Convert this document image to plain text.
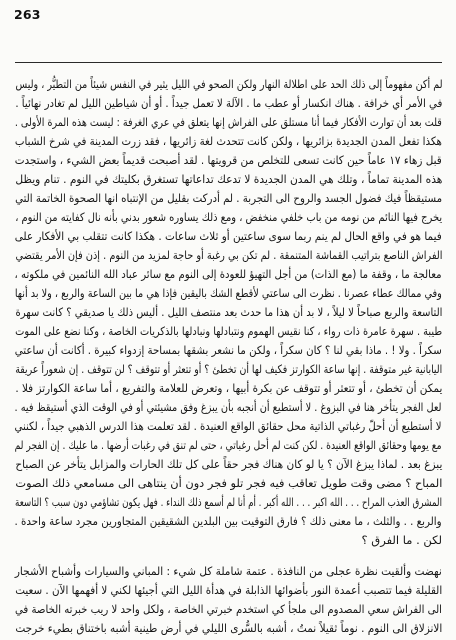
263
لم أكن مفهوماً إلى ذلك الحد على اطلالة النهار ولكن الصحو في الليل يثير في النفس شيئاً من التطيُّر ، وليس
في الأمر أي خرافة . هناك انكسار أو عطب ما . الآلة لا تعمل جيداً . أو أن شياطين الليل لم تغادر نهائياً .
قلت بعد أن توارت الأفكار فيما أنا مستلق على الفراش إنها يتعلق في عري الغرفة : ليست هذه المرة الأولى .
هكذا تفعل المدن الجديدة بزائريها ، ولكن كانت تتحدث لغة زائريها ، فقد زرت المدينة في شرخ الشباب
قبل زهاء ١٧ عاماً حين كانت تسعى للتخلص من قرويتها . لقد أصبحت قديماً بعض الشيء ، واستجدت
هذه المدينة تماماً ، وتلك هي المدن الجديدة لا تدعك تداعاتها تستغرق بكليتك في النوم . تنام ويظل
مستيقظاً فيك فضول الجسد والروح الى التجربة . لم أدركت بقليل من الإنتباه انها الصحوة الخاتمة التي
يخرج فيها النائم من نومه من باب خلفي منخفض ، ومع ذلك يساوره شعور بدني بأنه نال كفايته من النوم ،
فيما هو في واقع الحال لم ينم ربما سوى ساعتين أو ثلاث ساعات . هكذا كانت تتقلب بي الأفكار على
الفراش الناصع بتراتيب القماشة المتنمقة . لم تكن بي رغبة أو حاجة لمزيد من النوم . إذن فإن الأمر يقتضي
معالجة ما ، وقفة ما (مع الذات) من أجل التهيؤ للعودة إلى النوم مع سائر عباد الله النائمين في ملكوته ،
وفي ممالك عطاء عصرنا . نظرت الى ساعتي لأقطع الشك باليقين فإذا هي ما بين الساعة والربع ، ولا بد أنها
التاسعة والربع صباحاً لا ليلاً ، لا بد أن هذا ما حدث بعد منتصف الليل . أليس ذلك يا صديقي ؟ كانت سهرة
طيبة . سهرة عامرة ذات رواء ، كنا نقيس الهموم ونتبادلها ونبادلها بالذكريات الخاصة ، وكنا نضع على الموت
سكراً . ولا ! . ماذا بقي لنا ؟ كان سكراً ، ولكن ما نشعر بشقها بمساحة إزدواء كبيرة . أكانت أن ساعتي
اليابانية غير متوقفة . إنها ساعة الكوارتز فكيف لها أن تخطئ ؟ أو تتعثر أو تتوقف ؟ لن تتوقف . إن شعوراً عريقة
يمكن أن تخطئ ، أو تتعثر أو تتوقف عن بكرة أبيها ، وتعرض للعلامة والتفريع ، أما ساعة الكوارتز فلا .
لعل الفجر يتأخر هنا في البزوغ . لا أستطيع أن أنجبه بأن يبزغ وفق مشيئتي أو في الوقت الذي أستيقظ فيه .
لا أستطيع أن أحلّ رغباتي الذاتية محل حقائق الواقع العنيدة . لقد تعلمت هذا الدرس الذهبي جيداً ، لكنني
مع يومها وحقائق الواقع العنيدة . لكن كنت لم أحل رغباتي ، حتى لم تنق في رغبات أرضها . ما عليك . إن الفجر لم
يبزغ بعد . لماذا يبزغ الآن ؟ يا لو كان هناك فجر حقاً على كل تلك الحارات والمزابل يتأخر عن الصباح
المباح ؟ مضى وقت طويل تعاقب فيه فجر تلو فجر دون أن ينتاهى الى مسامعي ذلك الصوت
المشرق العذب المراح . . . الله اكبر . . . الله أكبر . أم أنا لم أسمع ذلك النداء . فهل يكون تشاؤمي دون سبب ؟ التاسعة
والربع . . والثلث ، ما معنى ذلك ؟ فارق التوقيت بين البلدين الشقيقين المتجاورين مجرد ساعة واحدة .
لكن . ما الفرق ؟
نهضت وألقيت نظرة عجلى من النافذة . عتمة شاملة كل شيء : المباني والسيارات وأشباح الأشجار
القليلة فيما تتصبب أعمدة النور بأضوائها الذابلة في هدأة الليل التي أجيئها لكني لا أفهمها الآن . سعيت
الى الفراش سعي المصدوم الى ملجأ كي استخدم خبرتي الخاصة ، ولكل واحد لا ريب خبرته الخاصة في
الانزلاق الى النوم . نوماً ثقيلاً نمتُ ، أشبه بالسُّرى الليلي في أرض طينية أشبه باختناق بطيء خرجت
